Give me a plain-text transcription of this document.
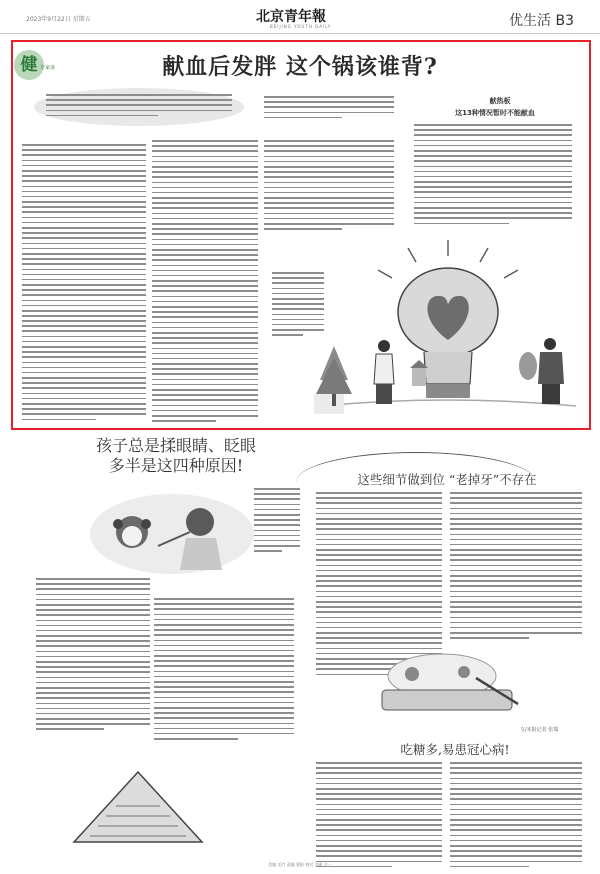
2023年9月22日 星期五	北京青年報
BEIJING YOUTH DAILY	优生活 B3
健 专家谈	献血后发胖 这个锅该谁背?
献热板
这13种情况暂时不能献血
孩子总是揉眼睛、眨眼
多半是这四种原因!
这些细节做到位 “老掉牙”不存在
文/本报记者 张瑞
吃糖多,易患冠心病!
美编 毛竹 责编 曹阳 校对 刘燕 仝一
